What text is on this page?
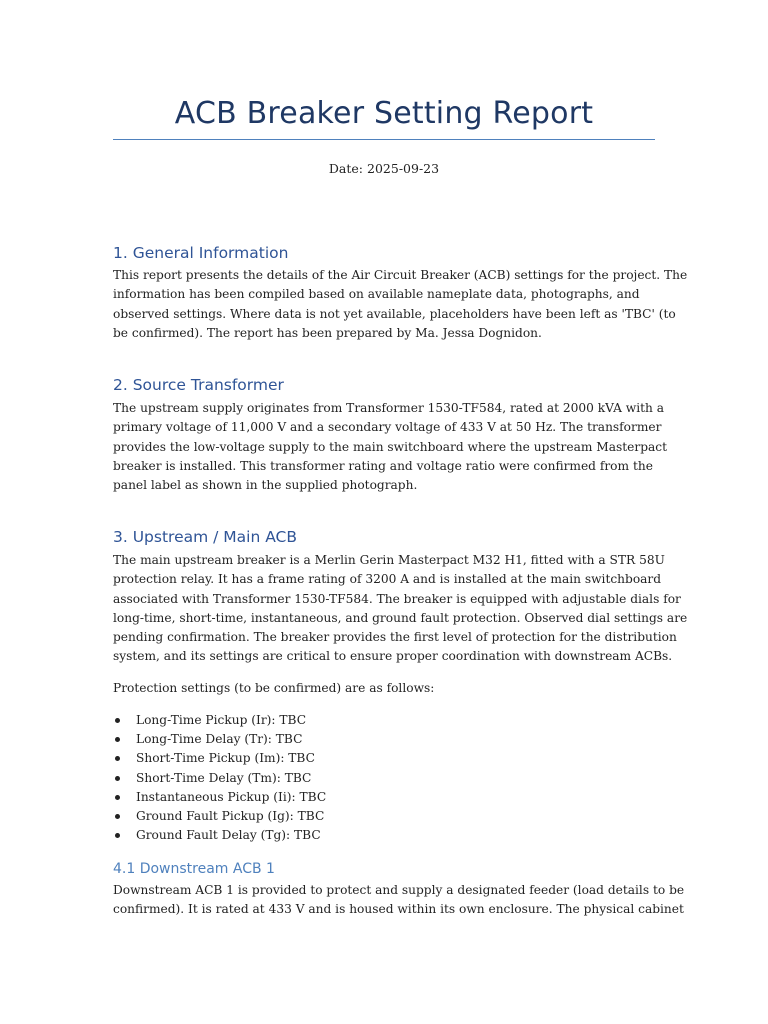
ACB Breaker Setting Report
Date: 2025-09-23
1. General Information

This report presents the details of the Air Circuit Breaker (ACB) settings for the project. The
information has been compiled based on available nameplate data, photographs, and
observed settings. Where data is not yet available, placeholders have been left as 'TBC' (to
be confirmed). The report has been prepared by Ma. Jessa Dognidon.

2. Source Transformer

The upstream supply originates from Transformer 1530-TF584, rated at 2000 kVA with a
primary voltage of 11,000 V and a secondary voltage of 433 V at 50 Hz. The transformer
provides the low-voltage supply to the main switchboard where the upstream Masterpact
breaker is installed. This transformer rating and voltage ratio were confirmed from the
panel label as shown in the supplied photograph.

3. Upstream / Main ACB

The main upstream breaker is a Merlin Gerin Masterpact M32 H1, fitted with a STR 58U
protection relay. It has a frame rating of 3200 A and is installed at the main switchboard
associated with Transformer 1530-TF584. The breaker is equipped with adjustable dials for
long-time, short-time, instantaneous, and ground fault protection. Observed dial settings are
pending confirmation. The breaker provides the first level of protection for the distribution
system, and its settings are critical to ensure proper coordination with downstream ACBs.

Protection settings (to be confirmed) are as follows:

Long-Time Pickup (Ir): TBC
Long-Time Delay (Tr): TBC
Short-Time Pickup (Im): TBC
Short-Time Delay (Tm): TBC
Instantaneous Pickup (Ii): TBC
Ground Fault Pickup (Ig): TBC
Ground Fault Delay (Tg): TBC
4.1 Downstream ACB 1

Downstream ACB 1 is provided to protect and supply a designated feeder (load details to be
confirmed). It is rated at 433 V and is housed within its own enclosure. The physical cabinet
